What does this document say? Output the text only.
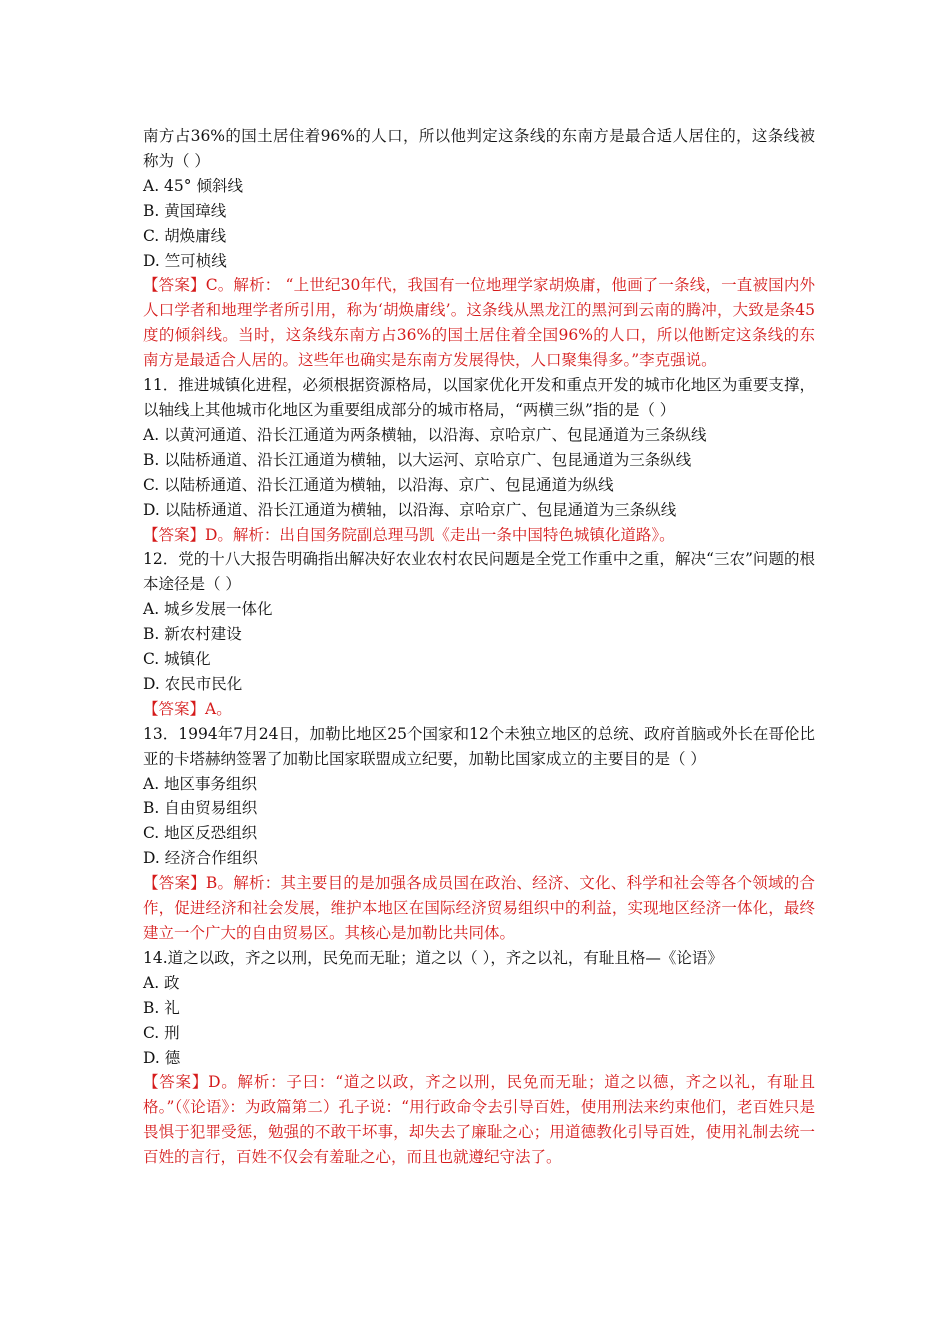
南方占36%的国土居住着96%的人口，所以他判定这条线的东南方是最合适人居住的，这条线被称为（ ）

A. 45° 倾斜线

B. 黄国璋线

C. 胡焕庸线

D. 竺可桢线

【答案】C。解析： “上世纪30年代，我国有一位地理学家胡焕庸，他画了一条线，一直被国内外人口学者和地理学者所引用，称为‘胡焕庸线’。这条线从黑龙江的黑河到云南的腾冲，大致是条45度的倾斜线。当时，这条线东南方占36%的国土居住着全国96%的人口，所以他断定这条线的东南方是最适合人居的。这些年也确实是东南方发展得快，人口聚集得多。”李克强说。

11．推进城镇化进程，必须根据资源格局，以国家优化开发和重点开发的城市化地区为重要支撑，以轴线上其他城市化地区为重要组成部分的城市格局，“两横三纵”指的是（ ）

A. 以黄河通道、沿长江通道为两条横轴，以沿海、京哈京广、包昆通道为三条纵线

B. 以陆桥通道、沿长江通道为横轴，以大运河、京哈京广、包昆通道为三条纵线

C. 以陆桥通道、沿长江通道为横轴，以沿海、京广、包昆通道为纵线

D. 以陆桥通道、沿长江通道为横轴，以沿海、京哈京广、包昆通道为三条纵线

【答案】D。解析：出自国务院副总理马凯《走出一条中国特色城镇化道路》。

12．党的十八大报告明确指出解决好农业农村农民问题是全党工作重中之重，解决“三农”问题的根本途径是（ ）

A. 城乡发展一体化

B. 新农村建设

C. 城镇化

D. 农民市民化

【答案】A。

13．1994年7月24日，加勒比地区25个国家和12个未独立地区的总统、政府首脑或外长在哥伦比亚的卡塔赫纳签署了加勒比国家联盟成立纪要，加勒比国家成立的主要目的是（ ）

A. 地区事务组织

B. 自由贸易组织

C. 地区反恐组织

D. 经济合作组织

【答案】B。解析：其主要目的是加强各成员国在政治、经济、文化、科学和社会等各个领域的合作，促进经济和社会发展，维护本地区在国际经济贸易组织中的利益，实现地区经济一体化，最终建立一个广大的自由贸易区。其核心是加勒比共同体。

14.道之以政，齐之以刑，民免而无耻；道之以（ ），齐之以礼，有耻且格—《论语》

A. 政

B. 礼

C. 刑

D. 德

【答案】D。解析：子曰：“道之以政，齐之以刑，民免而无耻；道之以德，齐之以礼，有耻且格。”（《论语》：为政篇第二）孔子说：“用行政命令去引导百姓，使用刑法来约束他们，老百姓只是畏惧于犯罪受惩，勉强的不敢干坏事，却失去了廉耻之心；用道德教化引导百姓，使用礼制去统一百姓的言行，百姓不仅会有羞耻之心，而且也就遵纪守法了。
